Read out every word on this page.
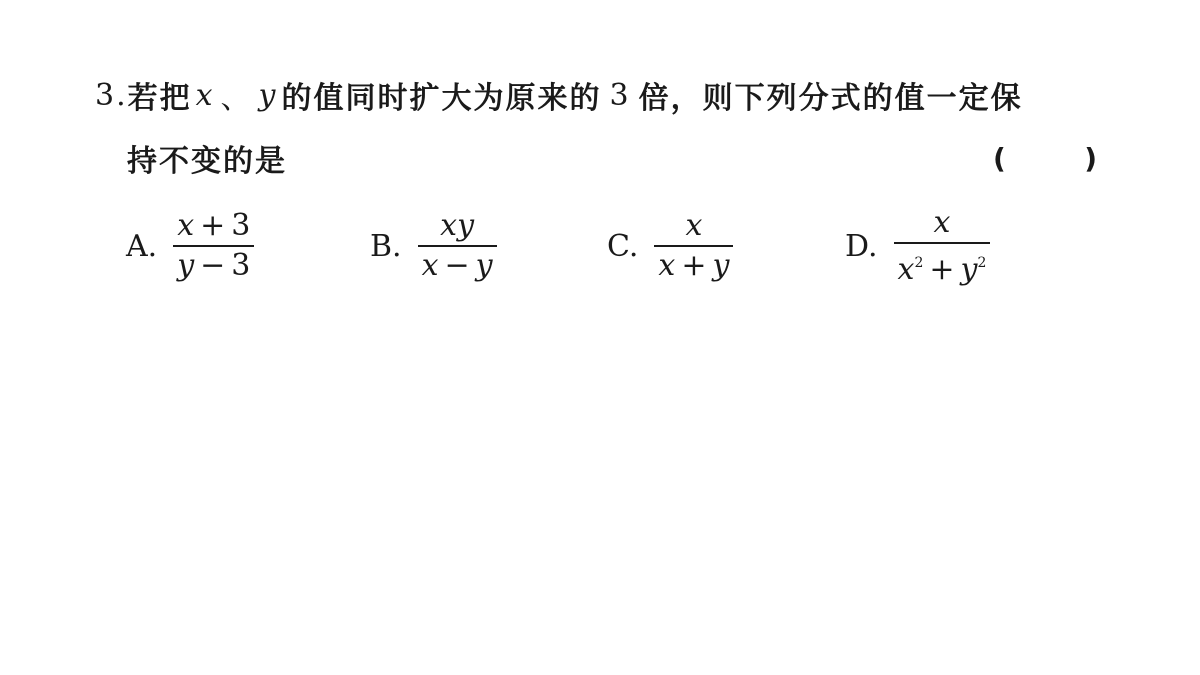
3. 若把 x 、 y 的值同时扩大为原来的 3 倍，则下列分式的值一定保
持不变的是	(	)
A. $\frac{x + 3}{y - 3}$	B. $\frac{xy}{x - y}$	C. $\frac{x}{x + y}$	D. $\frac{x}{x^2 + y^2}$
